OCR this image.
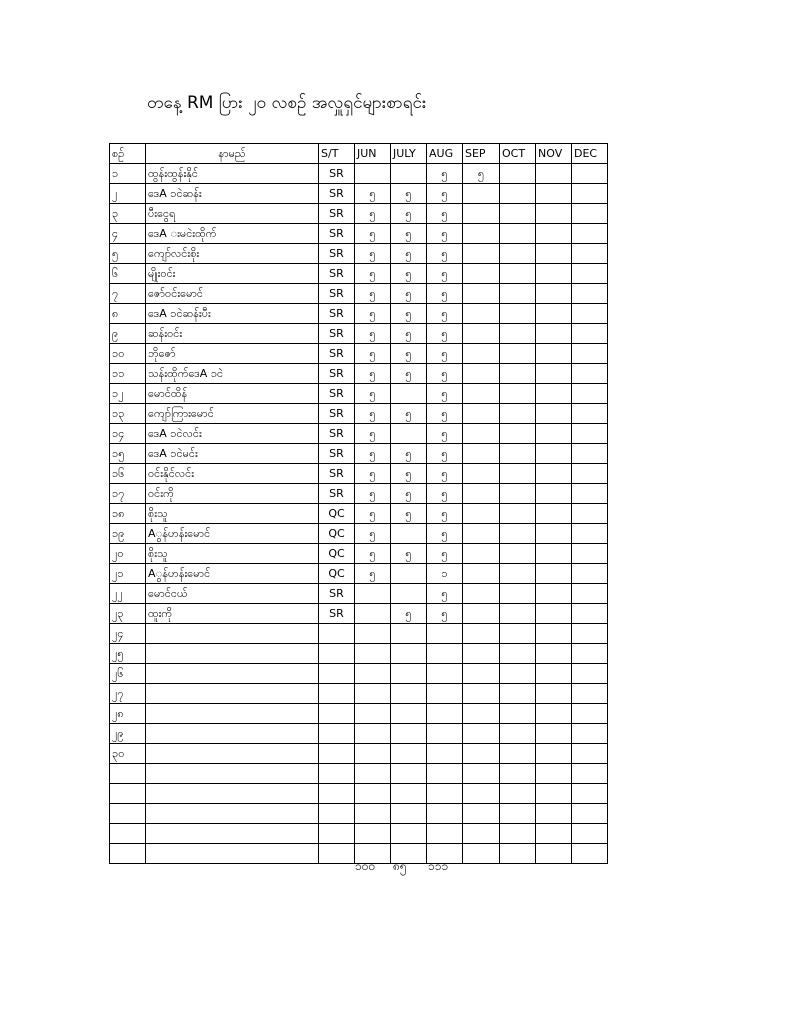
တနေ့ RM ပြား ၂၀ လစဉ် အလှူရှင်များစာရင်း
စဉ်	နာမည်	S/T	JUN	JULY	AUG	SEP	OCT	NOV	DEC
၁	ထွန်းထွန်းနိုင်	SR			၅	၅			
၂	ဒေA ၁ငဲဆန်း	SR	၅	၅	၅				
၃	ပီးငွေရ	SR	၅	၅	၅				
၄	ဒေA းမငဲးထိုက်	SR	၅	၅	၅				
၅	ကျော်လင်းစိုး	SR	၅	၅	၅				
၆	မျိုးဝင်း	SR	၅	၅	၅				
၇	ဇော်ဝင်းမောင်	SR	၅	၅	၅				
၈	ဒေA ၁ငဲဆန်းပီး	SR	၅	၅	၅				
၉	ဆန်းဝင်း	SR	၅	၅	၅				
၁၀	ဘိုဇော်	SR	၅	၅	၅				
၁၁	သန်းထိုက်ဒေA ၁ငဲ	SR	၅	၅	၅				
၁၂	မောင်ထိန်	SR	၅		၅				
၁၃	ကျော်ကြားမောင်	SR	၅	၅	၅				
၁၄	ဒေA ၁ငဲလင်း	SR	၅		၅				
၁၅	ဒေA ၁ငဲမင်း	SR	၅	၅	၅				
၁၆	ဝင်းနိုင်လင်း	SR	၅	၅	၅				
၁၇	ဝင်းကို	SR	၅	၅	၅				
၁၈	စိုးသူ	QC	၅	၅	၅				
၁၉	Aွန်ဟန်းမောင်	QC	၅		၅				
၂၀	စိုးသူ	QC	၅	၅	၅				
၂၁	Aွန်ဟန်းမောင်	QC	၅		၁				
၂၂	မောင်ငယ်	SR			၅				
၂၃	ထူးကို	SR		၅	၅				
၂၄									
၂၅									
၂၆									
၂၇									
၂၈									
၂၉									
၃၀									

၁၀၀ ၈၅ ၁၁၁
